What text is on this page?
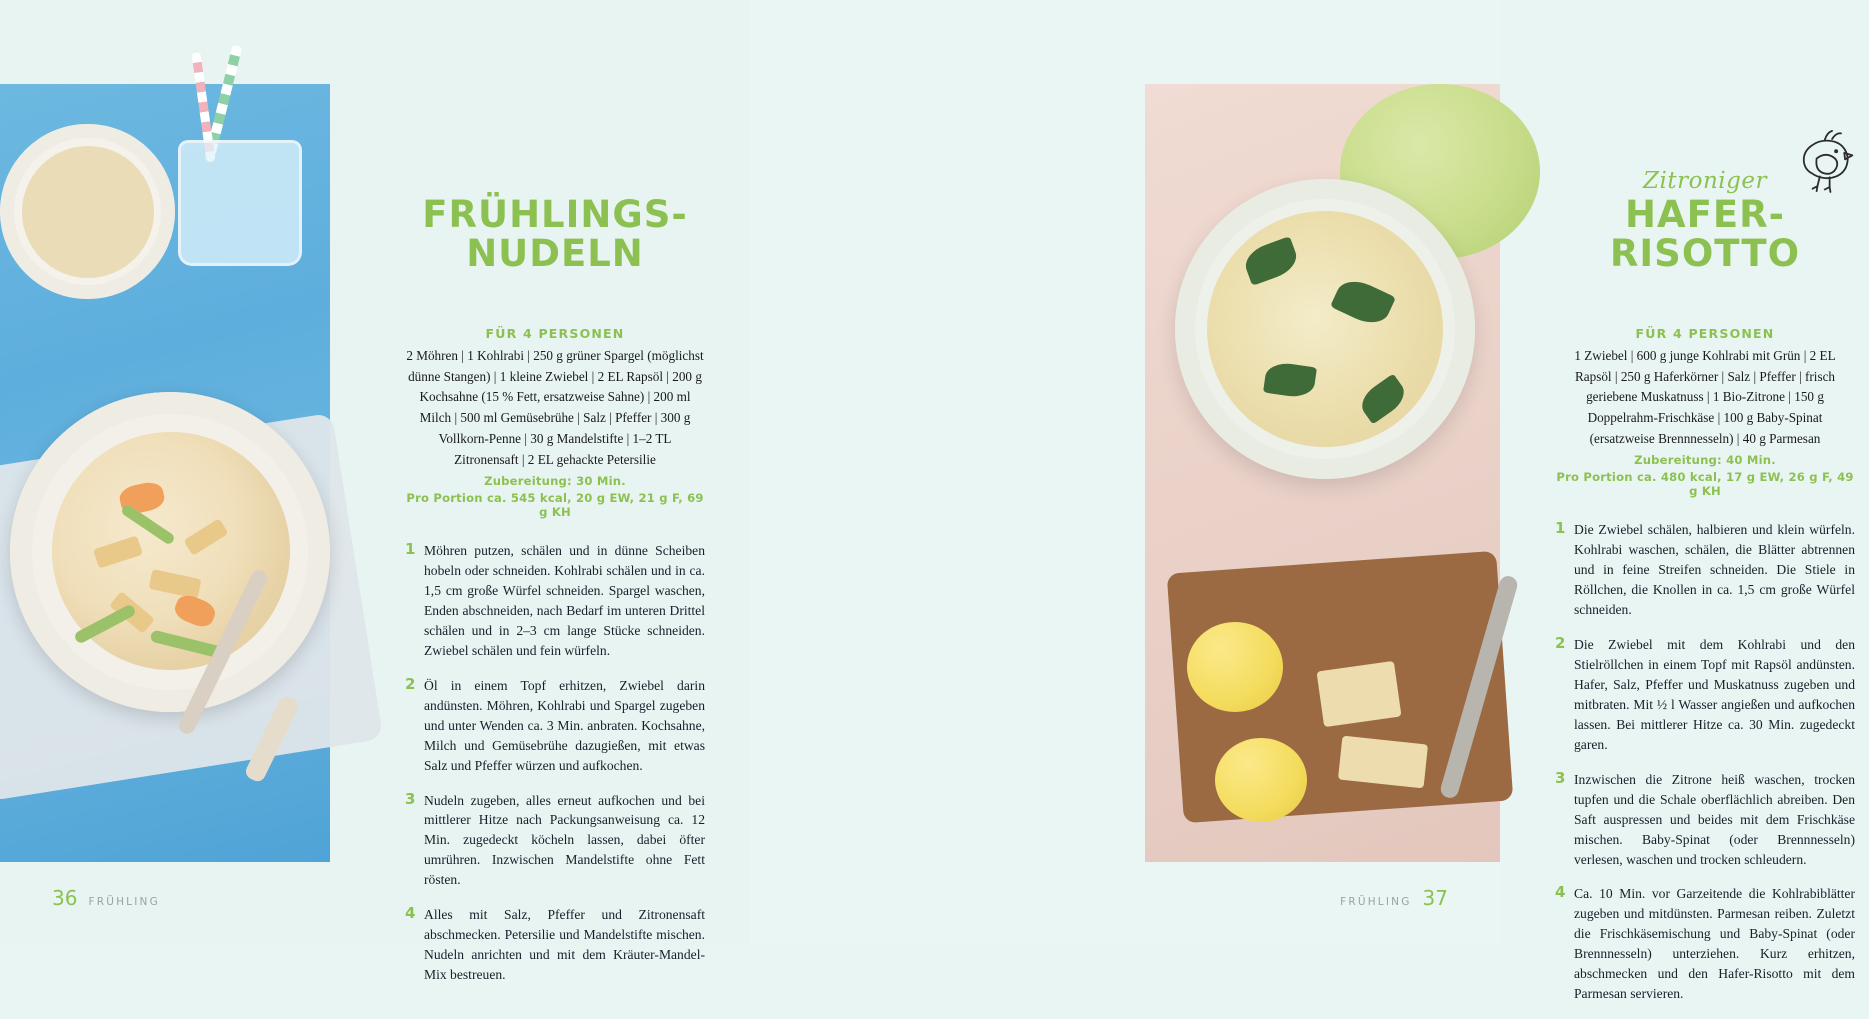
FRÜHLINGS-NUDELN
FÜR 4 PERSONEN
2 Möhren | 1 Kohlrabi | 250 g grüner Spargel (möglichst dünne Stangen) | 1 kleine Zwiebel | 2 EL Rapsöl | 200 g Kochsahne (15 % Fett, ersatzweise Sahne) | 200 ml Milch | 500 ml Gemüsebrühe | Salz | Pfeffer | 300 g Vollkorn-Penne | 30 g Mandelstifte | 1–2 TL Zitronensaft | 2 EL gehackte Petersilie
Zubereitung: 30 Min.
Pro Portion ca. 545 kcal, 20 g EW, 21 g F, 69 g KH

1 Möhren putzen, schälen und in dünne Scheiben hobeln oder schneiden. Kohlrabi schälen und in ca. 1,5 cm große Würfel schneiden. Spargel waschen, Enden abschneiden, nach Bedarf im unteren Drittel schälen und in 2–3 cm lange Stücke schneiden. Zwiebel schälen und fein würfeln.

2 Öl in einem Topf erhitzen, Zwiebel darin andünsten. Möhren, Kohlrabi und Spargel zugeben und unter Wenden ca. 3 Min. anbraten. Kochsahne, Milch und Gemüsebrühe dazugießen, mit etwas Salz und Pfeffer würzen und aufkochen.

3 Nudeln zugeben, alles erneut aufkochen und bei mittlerer Hitze nach Packungsanweisung ca. 12 Min. zugedeckt köcheln lassen, dabei öfter umrühren. Inzwischen Mandelstifte ohne Fett rösten.

4 Alles mit Salz, Pfeffer und Zitronensaft abschmecken. Petersilie und Mandelstifte mischen. Nudeln anrichten und mit dem Kräuter-Mandel-Mix bestreuen.

36 FRÜHLING

Zitroniger

HAFER-RISOTTO
FÜR 4 PERSONEN
1 Zwiebel | 600 g junge Kohlrabi mit Grün | 2 EL Rapsöl | 250 g Haferkörner | Salz | Pfeffer | frisch geriebene Muskatnuss | 1 Bio-Zitrone | 150 g Doppelrahm-Frischkäse | 100 g Baby-Spinat (ersatzweise Brennnesseln) | 40 g Parmesan
Zubereitung: 40 Min.
Pro Portion ca. 480 kcal, 17 g EW, 26 g F, 49 g KH

1 Die Zwiebel schälen, halbieren und klein würfeln. Kohlrabi waschen, schälen, die Blätter abtrennen und in feine Streifen schneiden. Die Stiele in Röllchen, die Knollen in ca. 1,5 cm große Würfel schneiden.

2 Die Zwiebel mit dem Kohlrabi und den Stielröllchen in einem Topf mit Rapsöl andünsten. Hafer, Salz, Pfeffer und Muskatnuss zugeben und mitbraten. Mit ½ l Wasser angießen und aufkochen lassen. Bei mittlerer Hitze ca. 30 Min. zugedeckt garen.

3 Inzwischen die Zitrone heiß waschen, trocken tupfen und die Schale oberflächlich abreiben. Den Saft auspressen und beides mit dem Frischkäse mischen. Baby-Spinat (oder Brennnesseln) verlesen, waschen und trocken schleudern.

4 Ca. 10 Min. vor Garzeitende die Kohlrabiblätter zugeben und mitdünsten. Parmesan reiben. Zuletzt die Frischkäsemischung und Baby-Spinat (oder Brennnesseln) unterziehen. Kurz erhitzen, abschmecken und den Hafer-Risotto mit dem Parmesan servieren.

FRÜHLING 37
